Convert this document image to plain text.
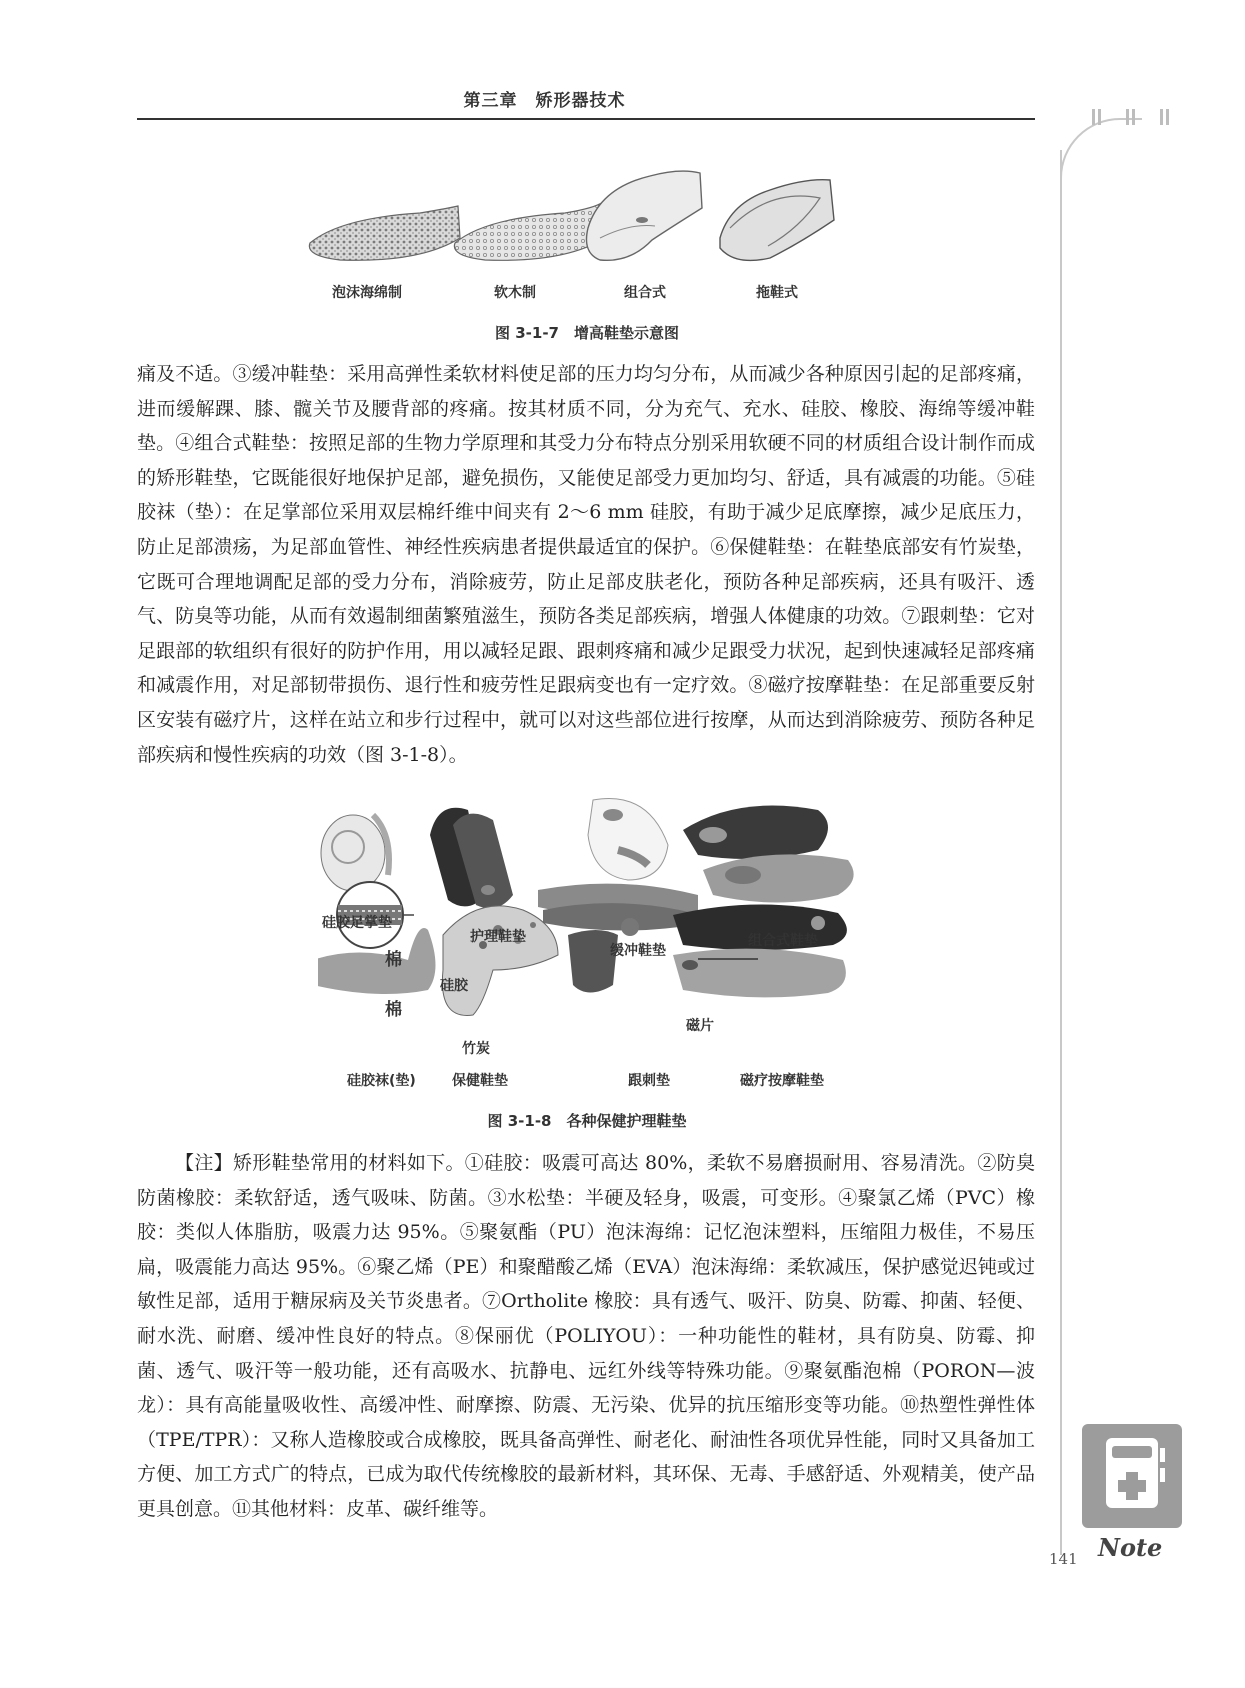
第三章　矫形器技术
泡沫海绵制	软木制	组合式	拖鞋式
图 3-1-7　增高鞋垫示意图

痛及不适。③缓冲鞋垫：采用高弹性柔软材料使足部的压力均匀分布，从而减少各种原因引起的足部疼痛，进而缓解踝、膝、髋关节及腰背部的疼痛。按其材质不同，分为充气、充水、硅胶、橡胶、海绵等缓冲鞋垫。④组合式鞋垫：按照足部的生物力学原理和其受力分布特点分别采用软硬不同的材质组合设计制作而成的矫形鞋垫，它既能很好地保护足部，避免损伤，又能使足部受力更加均匀、舒适，具有减震的功能。⑤硅胶袜（垫）：在足掌部位采用双层棉纤维中间夹有 2～6 mm 硅胶，有助于减少足底摩擦，减少足底压力，防止足部溃疡，为足部血管性、神经性疾病患者提供最适宜的保护。⑥保健鞋垫：在鞋垫底部安有竹炭垫，它既可合理地调配足部的受力分布，消除疲劳，防止足部皮肤老化，预防各种足部疾病，还具有吸汗、透气、防臭等功能，从而有效遏制细菌繁殖滋生，预防各类足部疾病，增强人体健康的功效。⑦跟刺垫：它对足跟部的软组织有很好的防护作用，用以减轻足跟、跟刺疼痛和减少足跟受力状况，起到快速减轻足部疼痛和减震作用，对足部韧带损伤、退行性和疲劳性足跟病变也有一定疗效。⑧磁疗按摩鞋垫：在足部重要反射区安装有磁疗片，这样在站立和步行过程中，就可以对这些部位进行按摩，从而达到消除疲劳、预防各种足部疾病和慢性疾病的功效（图 3-1-8）。

硅胶足掌垫
护理鞋垫
缓冲鞋垫
组合式鞋垫
棉
棉
硅胶
竹炭
磁片
硅胶袜(垫)	保健鞋垫	跟刺垫	磁疗按摩鞋垫
图 3-1-8　各种保健护理鞋垫

【注】矫形鞋垫常用的材料如下。①硅胶：吸震可高达 80%，柔软不易磨损耐用、容易清洗。②防臭防菌橡胶：柔软舒适，透气吸味、防菌。③水松垫：半硬及轻身，吸震，可变形。④聚氯乙烯（PVC）橡胶：类似人体脂肪，吸震力达 95%。⑤聚氨酯（PU）泡沫海绵：记忆泡沫塑料，压缩阻力极佳，不易压扁，吸震能力高达 95%。⑥聚乙烯（PE）和聚醋酸乙烯（EVA）泡沫海绵：柔软减压，保护感觉迟钝或过敏性足部，适用于糖尿病及关节炎患者。⑦Ortholite 橡胶：具有透气、吸汗、防臭、防霉、抑菌、轻便、耐水洗、耐磨、缓冲性良好的特点。⑧保丽优（POLIYOU）：一种功能性的鞋材，具有防臭、防霉、抑菌、透气、吸汗等一般功能，还有高吸水、抗静电、远红外线等特殊功能。⑨聚氨酯泡棉（PORON—波龙）：具有高能量吸收性、高缓冲性、耐摩擦、防震、无污染、优异的抗压缩形变等功能。⑩热塑性弹性体（TPE/TPR）：又称人造橡胶或合成橡胶，既具备高弹性、耐老化、耐油性各项优异性能，同时又具备加工方便、加工方式广的特点，已成为取代传统橡胶的最新材料，其环保、无毒、手感舒适、外观精美，使产品更具创意。⑪其他材料：皮革、碳纤维等。

Note
141
